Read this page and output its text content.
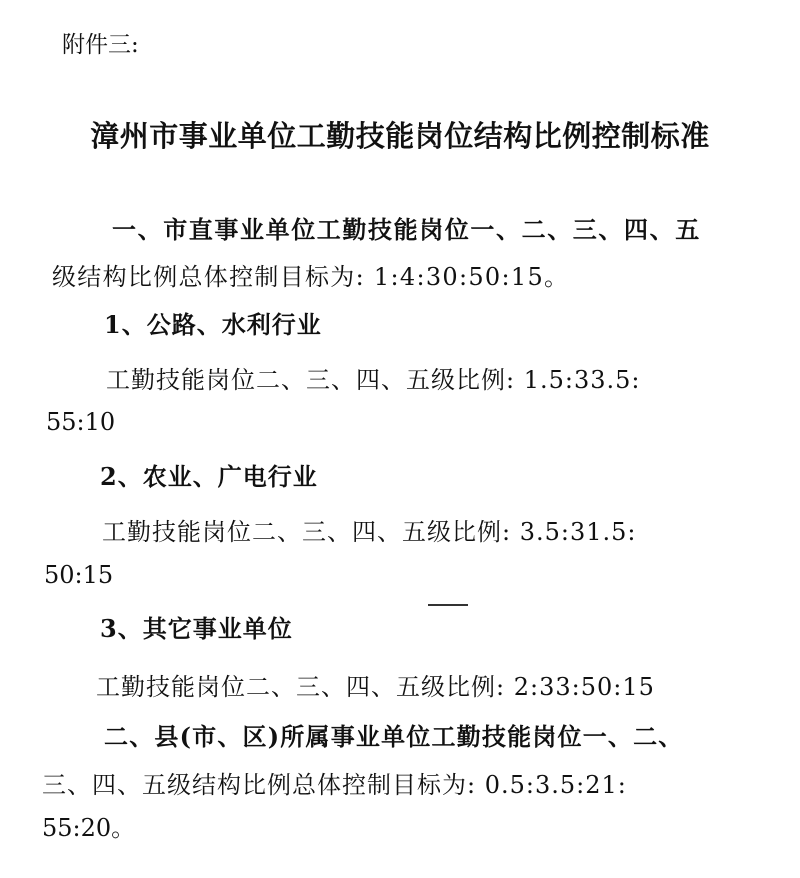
附件三:
漳州市事业单位工勤技能岗位结构比例控制标准
一、市直事业单位工勤技能岗位一、二、三、四、五
级结构比例总体控制目标为: 1:4:30:50:15。
1、公路、水利行业
工勤技能岗位二、三、四、五级比例: 1.5:33.5:
55:10
2、农业、广电行业
工勤技能岗位二、三、四、五级比例: 3.5:31.5:
50:15
3、其它事业单位
工勤技能岗位二、三、四、五级比例: 2:33:50:15
二、县(市、区)所属事业单位工勤技能岗位一、二、
三、四、五级结构比例总体控制目标为: 0.5:3.5:21:
55:20。
